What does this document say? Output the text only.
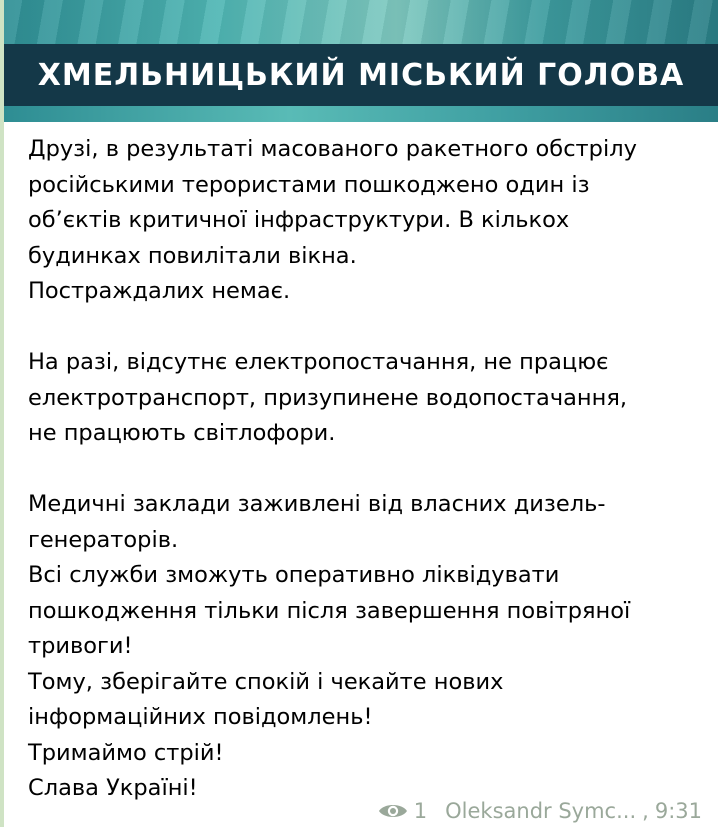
ХМЕЛЬНИЦЬКИЙ МІСЬКИЙ ГОЛОВА
Друзі, в результаті масованого ракетного обстрілу
російськими терористами пошкоджено один із
об’єктів критичної інфраструктури. В кількох
будинках повилітали вікна.
Постраждалих немає.
На разі, відсутнє електропостачання, не працює
електротранспорт, призупинене водопостачання,
не працюють світлофори.
Медичні заклади заживлені від власних дизель-
генераторів.
Всі служби зможуть оперативно ліквідувати
пошкодження тільки після завершення повітряної
тривоги!
Тому, зберігайте спокій і чекайте нових
інформаційних повідомлень!
Тримаймо стрій!
Слава Україні!
1 Oleksandr Symc... , 9:31
